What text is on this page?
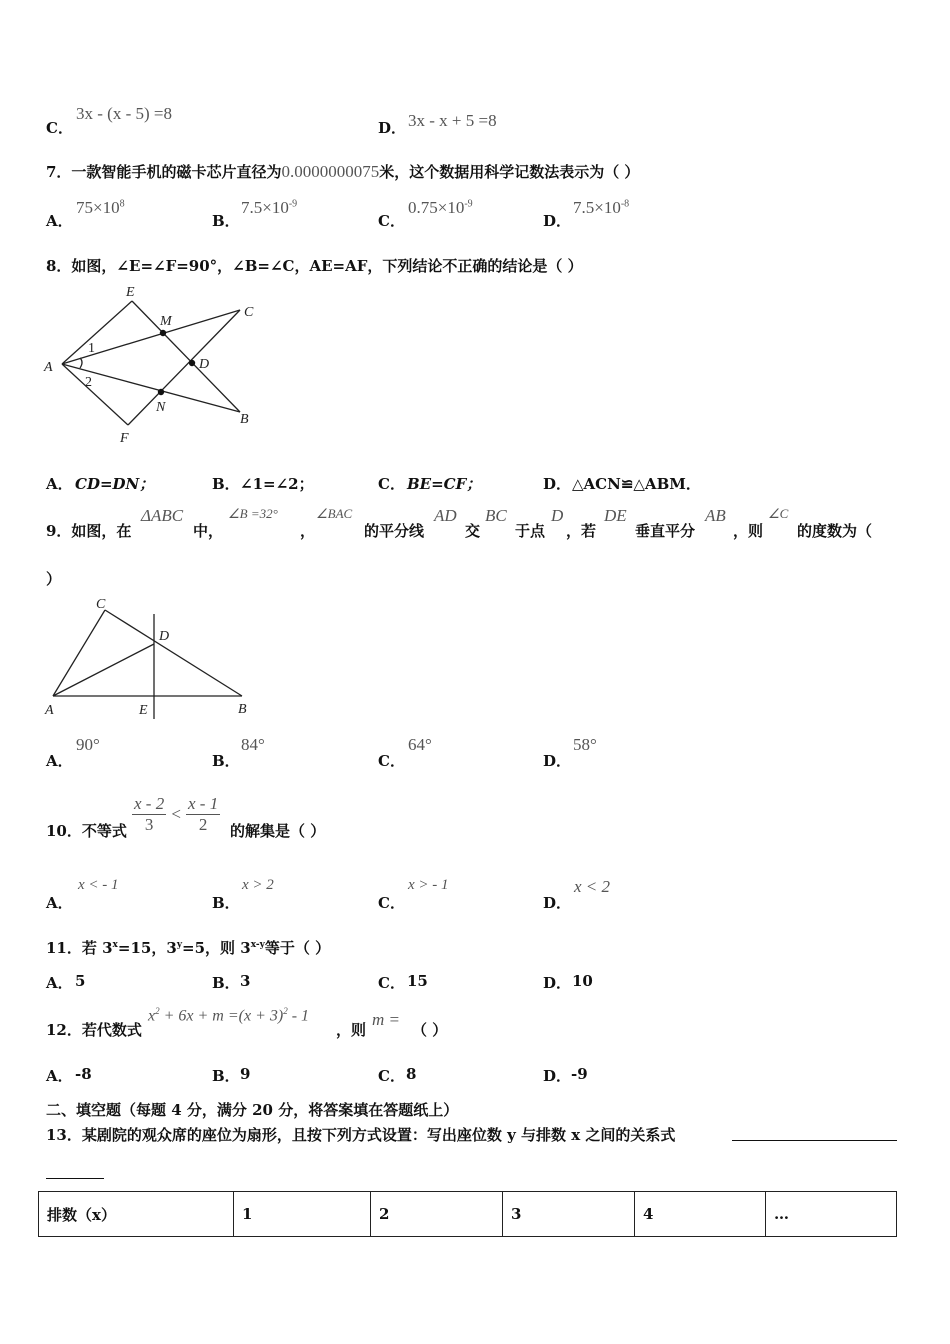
C．
3x - (x - 5) =8
D． 3x - x + 5 =8
7．一款智能手机的磁卡芯片直径为0.0000000075米，这个数据用科学记数法表示为（ ）
A．
$75\times 10^8$
B．
$7.5\times 10^{-9}$
C．
$0.75\times 10^{-9}$
D．
$7.5\times 10^{-8}$
8．如图，∠E=∠F=90°，∠B=∠C，AE=AF，下列结论不正确的结论是（ ）
E
M
C
A	D
1
2
N
B
F
A． CD=DN；	B． ∠1=∠2；	C． BE=CF；	D． △ACN≌△ABM．
9．如图，在
ΔABC
中，
∠B =32°
，
∠BAC
的平分线
AD
交
BC
于点
D
，若
DE
垂直平分
AB
，则
∠C
的度数为（
）
C
D
A	E	B
A．
90°
B．
84°
C．
64°
D．
58°
10．不等式 $\frac{x - 2}{3} < \frac{x - 1}{2}$ 的解集是（ ）
A．
x < - 1
B．
x > 2
C．
x > - 1
D．
x < 2
11．若 $3^x=15$，$3^y=5$，则 3$^{x-y}$等于（ ）
A． 5	B． 3	C． 15	D． 10
12．若代数式
$x^2 + 6x + m =(x + 3)^2 - 1$
，则
m =
（ ）
A． -8	B． 9	C． 8	D． -9
二、填空题（每题 4 分，满分 20 分，将答案填在答题纸上）
13．某剧院的观众席的座位为扇形，且按下列方式设置：写出座位数 y 与排数 x 之间的关系式
排数（x）	1	2	3	4	…
